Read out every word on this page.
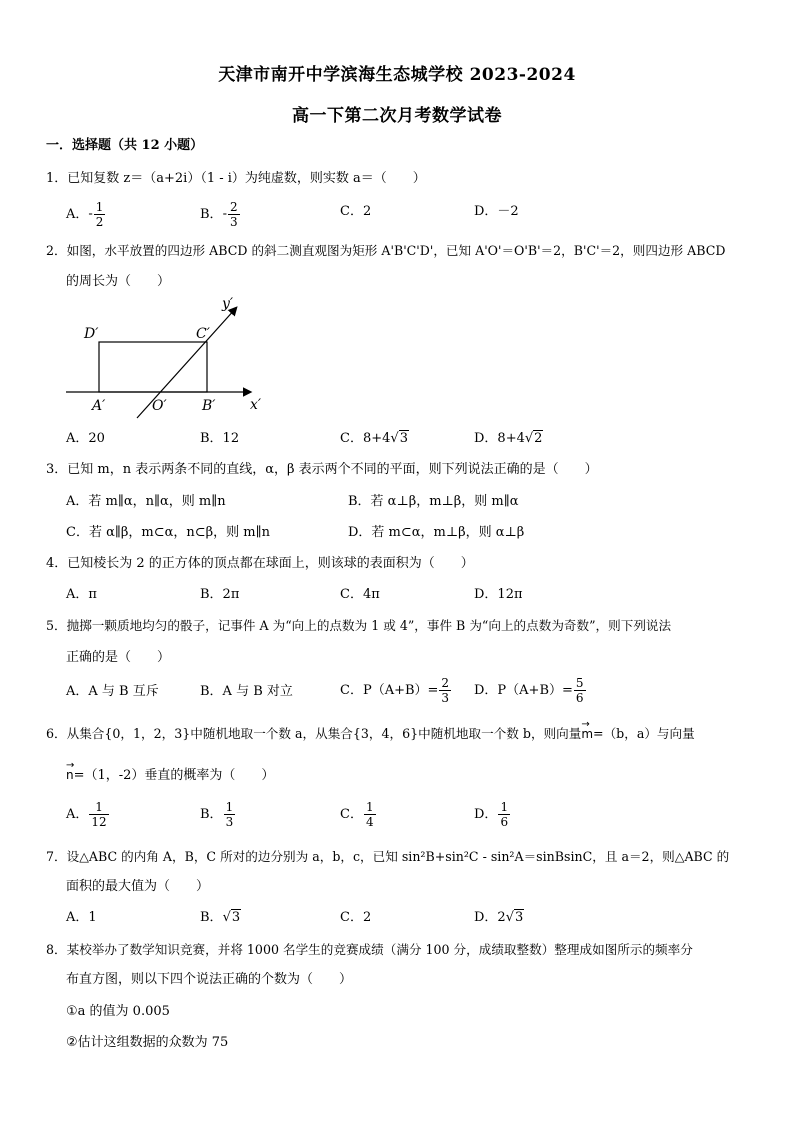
天津市南开中学滨海生态城学校 2023-2024
高一下第二次月考数学试卷
一．选择题（共 12 小题）
1．已知复数 z＝（a+2i）（1 - i）为纯虚数，则实数 a＝（　　）
A．- $\frac{1}{2}$	B．- $\frac{2}{3}$	C．2	D．－2
2．如图，水平放置的四边形 ABCD 的斜二测直观图为矩形 A'B'C'D'，已知 A'O'＝O'B'＝2，B'C'＝2，则四边形 ABCD
的周长为（　　）
D′	C′
A′	O′	B′ x′
y′
A．20	B．12	C．8+4√3	D．8+4√2
3．已知 m，n 表示两条不同的直线，α，β 表示两个不同的平面，则下列说法正确的是（　　）
A．若 m∥α，n∥α，则 m∥n	B．若 α⊥β，m⊥β，则 m∥α
C．若 α∥β，m⊂α，n⊂β，则 m∥n	D．若 m⊂α，m⊥β，则 α⊥β
4．已知棱长为 2 的正方体的顶点都在球面上，则该球的表面积为（　　）
A．π	B．2π	C．4π	D．12π
5．抛掷一颗质地均匀的骰子，记事件 A 为“向上的点数为 1 或 4”，事件 B 为“向上的点数为奇数”，则下列说法
正确的是（　　）
A．A 与 B 互斥	B．A 与 B 对立	C．$P(A+B)= \frac{2}{3}$ D．$P(A+B)= \frac{5}{6}$
6．从集合{0，1，2，3}中随机地取一个数 a，从集合{3，4，6}中随机地取一个数 b，则向量→ m=（b，a）与向量
→ n=（1，-2）垂直的概率为（　　）
A． $\frac{1}{12}$	B． $\frac{1}{3}$	C． $\frac{1}{4}$	D． $\frac{1}{6}$
7．设△ABC 的内角 A，B，C 所对的边分别为 a，b，c，已知 sin²B+sin²C - sin²A＝sinBsinC，且 a＝2，则△ABC 的
面积的最大值为（　　）
A．1	B．√3	C．2	D．2√3
8．某校举办了数学知识竞赛，并将 1000 名学生的竞赛成绩（满分 100 分，成绩取整数）整理成如图所示的频率分
布直方图，则以下四个说法正确的个数为（　　）
①a 的值为 0.005
②估计这组数据的众数为 75
